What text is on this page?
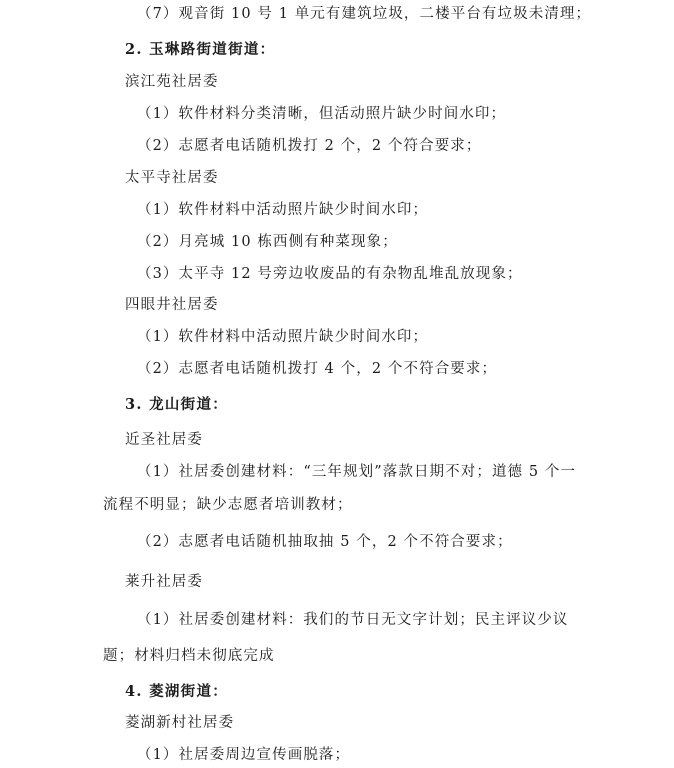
（7）观音街 10 号 1 单元有建筑垃圾，二楼平台有垃圾未清理；
2. 玉琳路街道街道：
滨江苑社居委
（1）软件材料分类清晰，但活动照片缺少时间水印；
（2）志愿者电话随机拨打 2 个，2 个符合要求；
太平寺社居委
（1）软件材料中活动照片缺少时间水印；
（2）月亮城 10 栋西侧有种菜现象；
（3）太平寺 12 号旁边收废品的有杂物乱堆乱放现象；
四眼井社居委
（1）软件材料中活动照片缺少时间水印；
（2）志愿者电话随机拨打 4 个，2 个不符合要求；
3. 龙山街道：
近圣社居委
（1）社居委创建材料：“三年规划”落款日期不对；道德 5 个一
流程不明显；缺少志愿者培训教材；
（2）志愿者电话随机抽取抽 5 个，2 个不符合要求；
莱升社居委
（1）社居委创建材料：我们的节日无文字计划；民主评议少议
题；材料归档未彻底完成
4. 菱湖街道：
菱湖新村社居委
（1）社居委周边宣传画脱落；
